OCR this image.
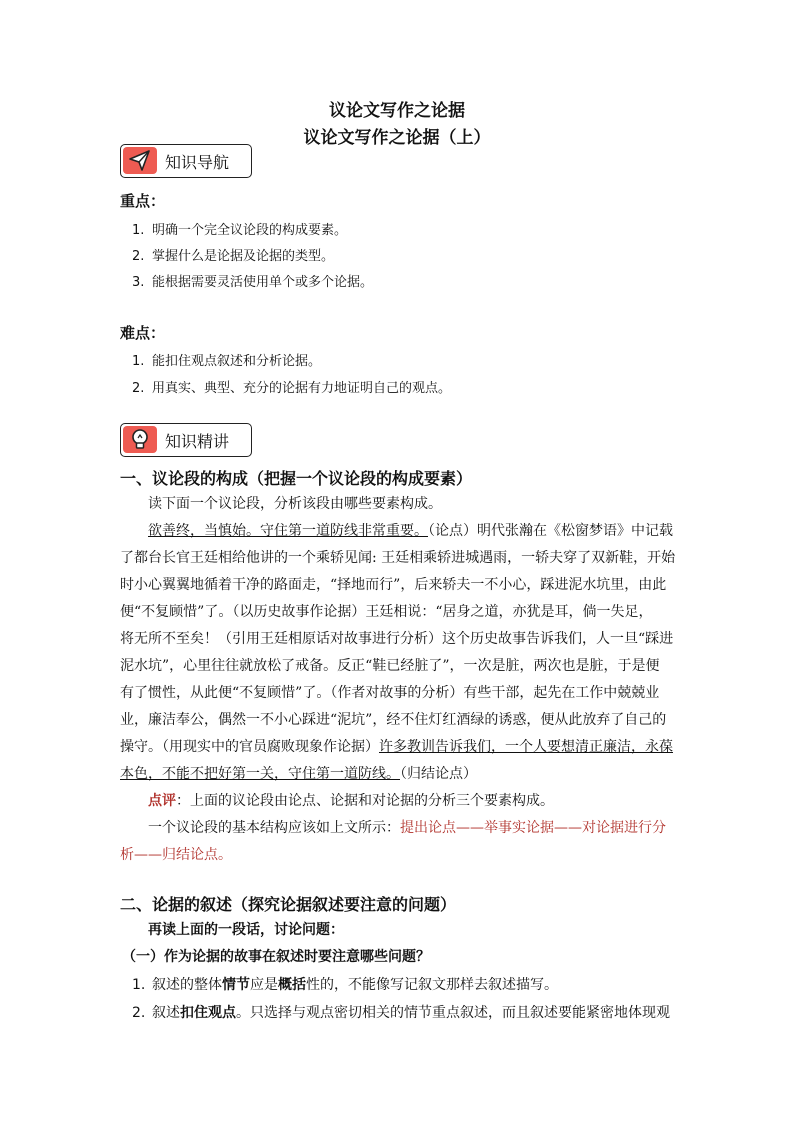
议论文写作之论据
议论文写作之论据（上）
知识导航

重点：

1. 明确一个完全议论段的构成要素。

2. 掌握什么是论据及论据的类型。

3. 能根据需要灵活使用单个或多个论据。

难点：

1. 能扣住观点叙述和分析论据。

2. 用真实、典型、充分的论据有力地证明自己的观点。

知识精讲

一、议论段的构成（把握一个议论段的构成要素）

读下面一个议论段，分析该段由哪些要素构成。

欲善终，当慎始。守住第一道防线非常重要。（论点）明代张瀚在《松窗梦语》中记载

了都台长官王廷相给他讲的一个乘轿见闻: 王廷相乘轿进城遇雨，一轿夫穿了双新鞋，开始

时小心翼翼地循着干净的路面走，“择地而行”，后来轿夫一不小心，踩进泥水坑里，由此

便“不复顾惜”了。（以历史故事作论据）王廷相说：“居身之道，亦犹是耳，倘一失足，

将无所不至矣！（引用王廷相原话对故事进行分析）这个历史故事告诉我们，人一旦“踩进

泥水坑”，心里往往就放松了戒备。反正“鞋已经脏了”，一次是脏，两次也是脏，于是便

有了惯性，从此便“不复顾惜”了。（作者对故事的分析）有些干部，起先在工作中兢兢业

业，廉洁奉公，偶然一不小心踩进“泥坑”，经不住灯红酒绿的诱惑，便从此放弃了自己的

操守。（用现实中的官员腐败现象作论据）许多教训告诉我们，一个人要想清正廉洁，永葆

本色，不能不把好第一关，守住第一道防线。（归结论点）

点评：上面的议论段由论点、论据和对论据的分析三个要素构成。

一个议论段的基本结构应该如上文所示：提出论点——举事实论据——对论据进行分

析——归结论点。

二、论据的叙述（探究论据叙述要注意的问题）

再读上面的一段话，讨论问题：

（一）作为论据的故事在叙述时要注意哪些问题？

1. 叙述的整体情节应是概括性的，不能像写记叙文那样去叙述描写。

2. 叙述扣住观点。只选择与观点密切相关的情节重点叙述，而且叙述要能紧密地体现观
